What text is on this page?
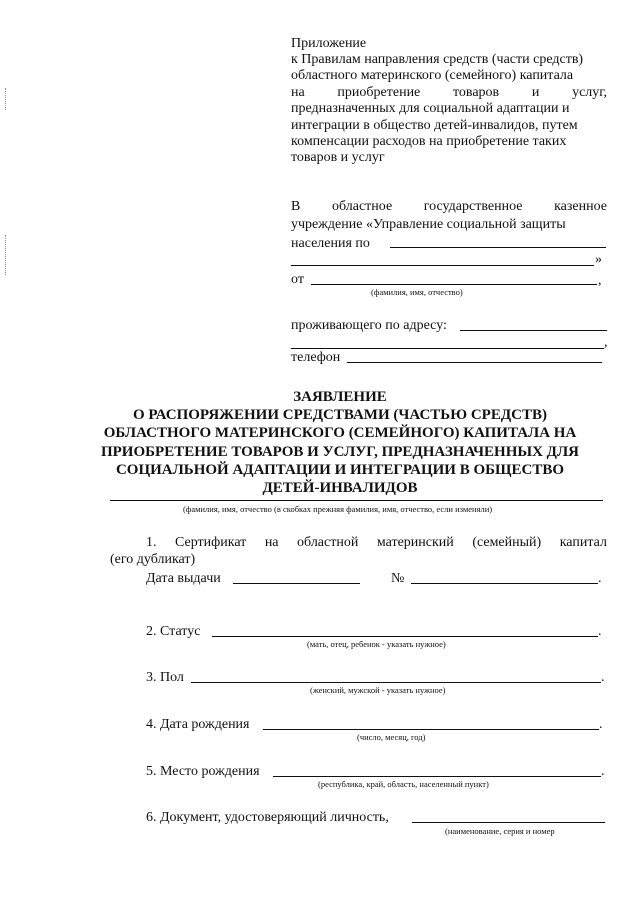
Приложение
к Правилам направления средств (части средств)
областного материнского (семейного) капитала
на приобретение товаров и услуг,
предназначенных для социальной адаптации и
интеграции в общество детей-инвалидов, путем
компенсации расходов на приобретение таких
товаров и услуг
В областное государственное казенное
учреждение «Управление социальной защиты
населения по
»
от	,
(фамилия, имя, отчество)
проживающего по адресу:
,
телефон
ЗАЯВЛЕНИЕ
О РАСПОРЯЖЕНИИ СРЕДСТВАМИ (ЧАСТЬЮ СРЕДСТВ)
ОБЛАСТНОГО МАТЕРИНСКОГО (СЕМЕЙНОГО) КАПИТАЛА НА
ПРИОБРЕТЕНИЕ ТОВАРОВ И УСЛУГ, ПРЕДНАЗНАЧЕННЫХ ДЛЯ
СОЦИАЛЬНОЙ АДАПТАЦИИ И ИНТЕГРАЦИИ В ОБЩЕСТВО
ДЕТЕЙ-ИНВАЛИДОВ
(фамилия, имя, отчество (в скобках прежняя фамилия, имя, отчество, если изменяли)
1. Сертификат на областной материнский (семейный) капитал
(его дубликат)
Дата выдачи	№	.
2. Статус	.
(мать, отец, ребенок - указать нужное)
3. Пол	.
(женский, мужской - указать нужное)
4. Дата рождения	.
(число, месяц, год)
5. Место рождения	.
(республика, край, область, населенный пункт)
6. Документ, удостоверяющий личность,
(наименование, серия и номер
